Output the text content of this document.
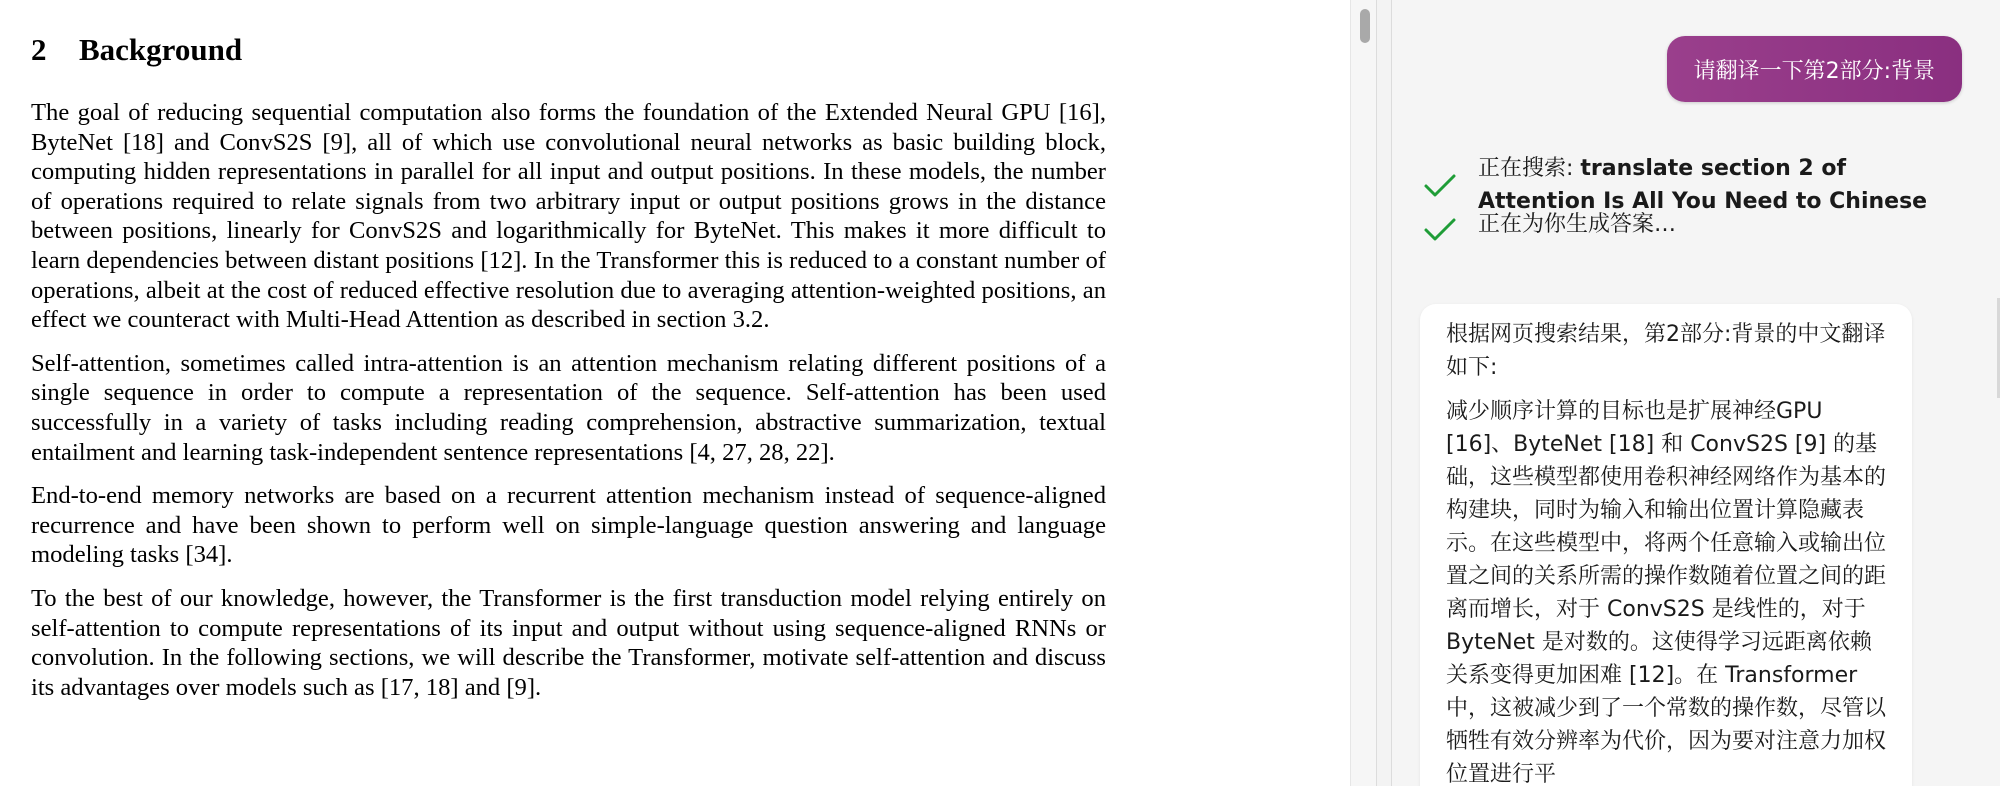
2	Background

The goal of reducing sequential computation also forms the foundation of the Extended Neural GPU [16], ByteNet [18] and ConvS2S [9], all of which use convolutional neural networks as basic building block, computing hidden representations in parallel for all input and output positions. In these models, the number of operations required to relate signals from two arbitrary input or output positions grows in the distance between positions, linearly for ConvS2S and logarithmically for ByteNet. This makes it more difficult to learn dependencies between distant positions [12]. In the Transformer this is reduced to a constant number of operations, albeit at the cost of reduced effective resolution due to averaging attention-weighted positions, an effect we counteract with Multi-Head Attention as described in section 3.2.

Self-attention, sometimes called intra-attention is an attention mechanism relating different positions of a single sequence in order to compute a representation of the sequence. Self-attention has been used successfully in a variety of tasks including reading comprehension, abstractive summarization, textual entailment and learning task-independent sentence representations [4, 27, 28, 22].

End-to-end memory networks are based on a recurrent attention mechanism instead of sequence-aligned recurrence and have been shown to perform well on simple-language question answering and language modeling tasks [34].

To the best of our knowledge, however, the Transformer is the first transduction model relying entirely on self-attention to compute representations of its input and output without using sequence-aligned RNNs or convolution. In the following sections, we will describe the Transformer, motivate self-attention and discuss its advantages over models such as [17, 18] and [9].

请翻译一下第2部分:背景
正在搜索: translate section 2 of Attention Is All You Need to Chinese
正在为你生成答案…

根据网页搜索结果，第2部分:背景的中文翻译如下:

减少顺序计算的目标也是扩展神经GPU [16]、ByteNet [18] 和 ConvS2S [9] 的基础，这些模型都使用卷积神经网络作为基本的构建块，同时为输入和输出位置计算隐藏表示。在这些模型中，将两个任意输入或输出位置之间的关系所需的操作数随着位置之间的距离而增长，对于 ConvS2S 是线性的，对于 ByteNet 是对数的。这使得学习远距离依赖关系变得更加困难 [12]。在 Transformer 中，这被减少到了一个常数的操作数，尽管以牺牲有效分辨率为代价，因为要对注意力加权位置进行平
